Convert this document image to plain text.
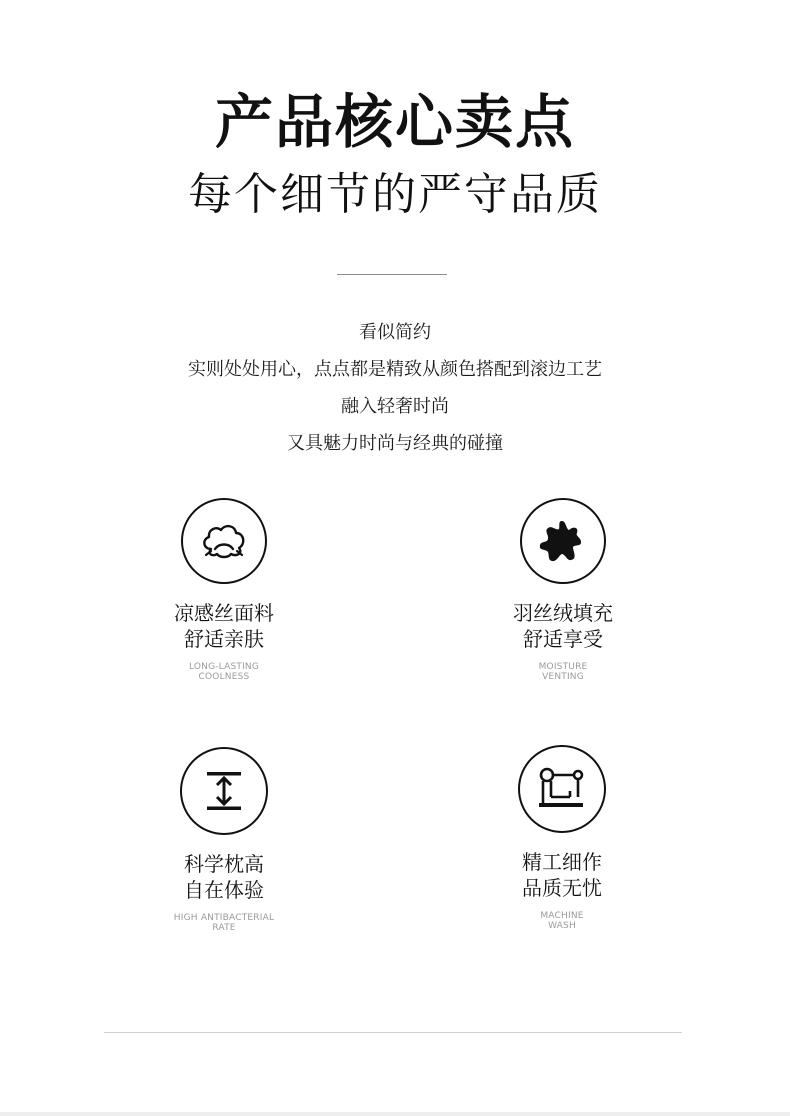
产品核心卖点
每个细节的严守品质
看似简约
实则处处用心，点点都是精致从颜色搭配到滚边工艺
融入轻奢时尚
又具魅力时尚与经典的碰撞
凉感丝面料
舒适亲肤
LONG-LASTING
COOLNESS
羽丝绒填充
舒适享受
MOISTURE
VENTING
科学枕高
自在体验
HIGH ANTIBACTERIAL
RATE
精工细作
品质无忧
MACHINE
WASH
